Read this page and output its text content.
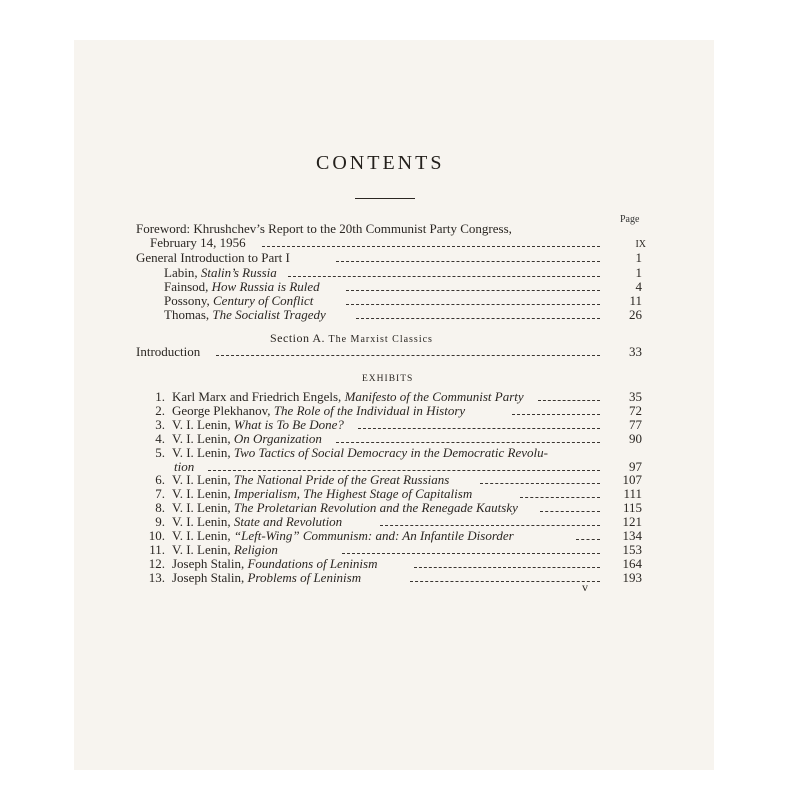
CONTENTS
Page
Foreword: Khrushchev’s Report to the 20th Communist Party Congress,
February 14, 1956	IX
General Introduction to Part I	1
Labin, Stalin’s Russia	1
Fainsod, How Russia is Ruled	4
Possony, Century of Conflict	11
Thomas, The Socialist Tragedy	26
Section A. The Marxist Classics
Introduction	33
EXHIBITS
1. Karl Marx and Friedrich Engels, Manifesto of the Communist Party	35
2. George Plekhanov, The Role of the Individual in History	72
3. V. I. Lenin, What is To Be Done?	77
4. V. I. Lenin, On Organization	90
5. V. I. Lenin, Two Tactics of Social Democracy in the Democratic Revolu-
tion	97
6. V. I. Lenin, The National Pride of the Great Russians	107
7. V. I. Lenin, Imperialism, The Highest Stage of Capitalism	111
8. V. I. Lenin, The Proletarian Revolution and the Renegade Kautsky	115
9. V. I. Lenin, State and Revolution	121
10. V. I. Lenin, “Left-Wing” Communism: and: An Infantile Disorder	134
11. V. I. Lenin, Religion	153
12. Joseph Stalin, Foundations of Leninism	164
13. Joseph Stalin, Problems of Leninism	193
v
